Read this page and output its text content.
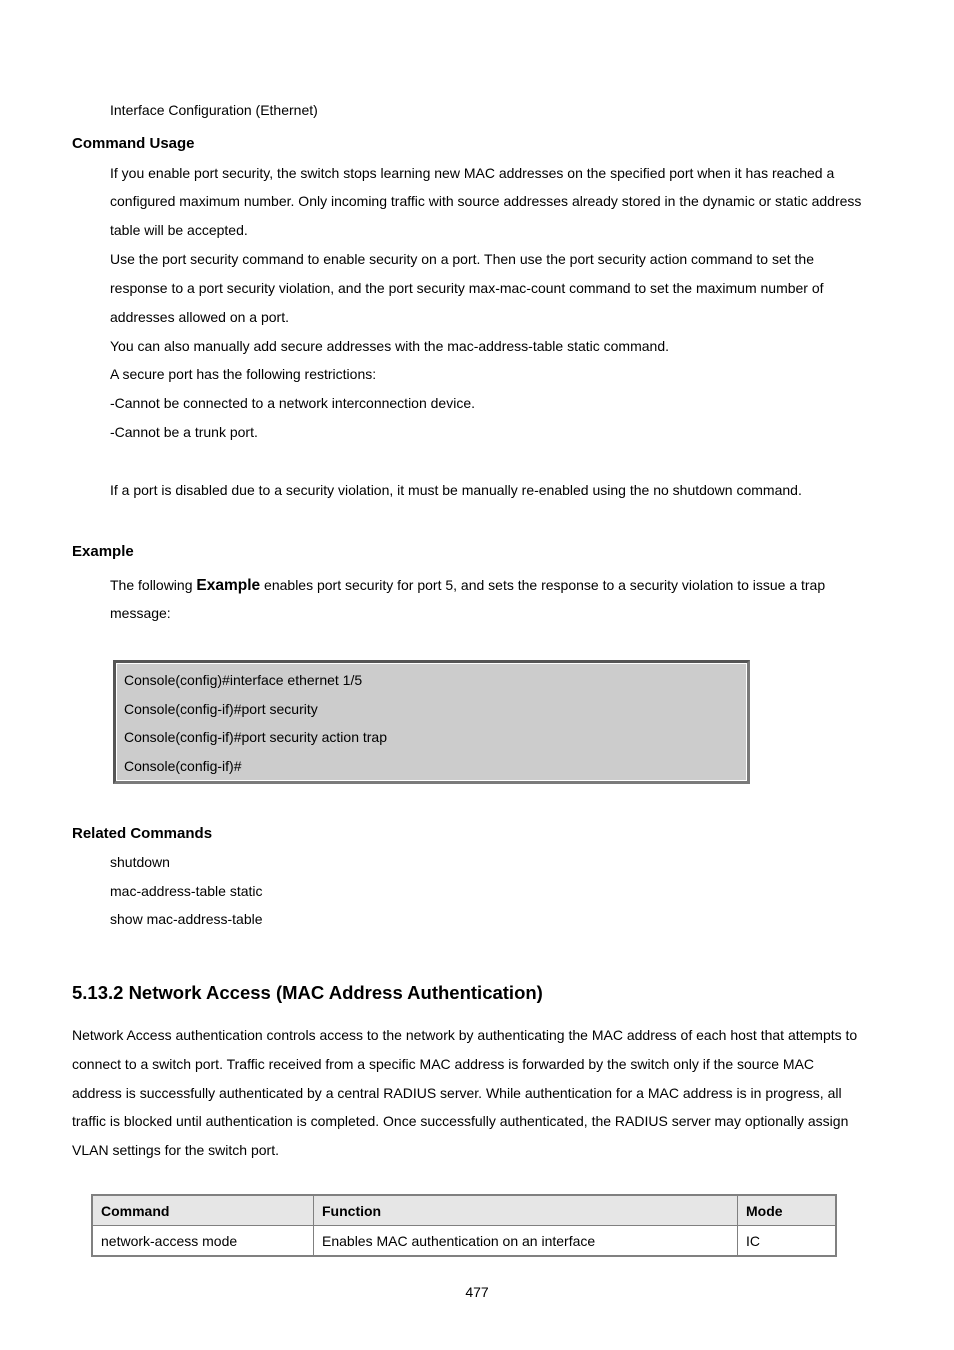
Interface Configuration (Ethernet)
Command Usage
If you enable port security, the switch stops learning new MAC addresses on the specified port when it has reached a
configured maximum number. Only incoming traffic with source addresses already stored in the dynamic or static address
table will be accepted.
Use the port security command to enable security on a port. Then use the port security action command to set the
response to a port security violation, and the port security max-mac-count command to set the maximum number of
addresses allowed on a port.
You can also manually add secure addresses with the mac-address-table static command.
A secure port has the following restrictions:
-Cannot be connected to a network interconnection device.
-Cannot be a trunk port.
If a port is disabled due to a security violation, it must be manually re-enabled using the no shutdown command.
Example
The following Example enables port security for port 5, and sets the response to a security violation to issue a trap
message:
Console(config)#interface ethernet 1/5
Console(config-if)#port security
Console(config-if)#port security action trap
Console(config-if)#
Related Commands
shutdown
mac-address-table static
show mac-address-table
5.13.2 Network Access (MAC Address Authentication)
Network Access authentication controls access to the network by authenticating the MAC address of each host that attempts to
connect to a switch port. Traffic received from a specific MAC address is forwarded by the switch only if the source MAC
address is successfully authenticated by a central RADIUS server. While authentication for a MAC address is in progress, all
traffic is blocked until authentication is completed. Once successfully authenticated, the RADIUS server may optionally assign
VLAN settings for the switch port.
Command	Function	Mode
network-access mode	Enables MAC authentication on an interface	IC
477
